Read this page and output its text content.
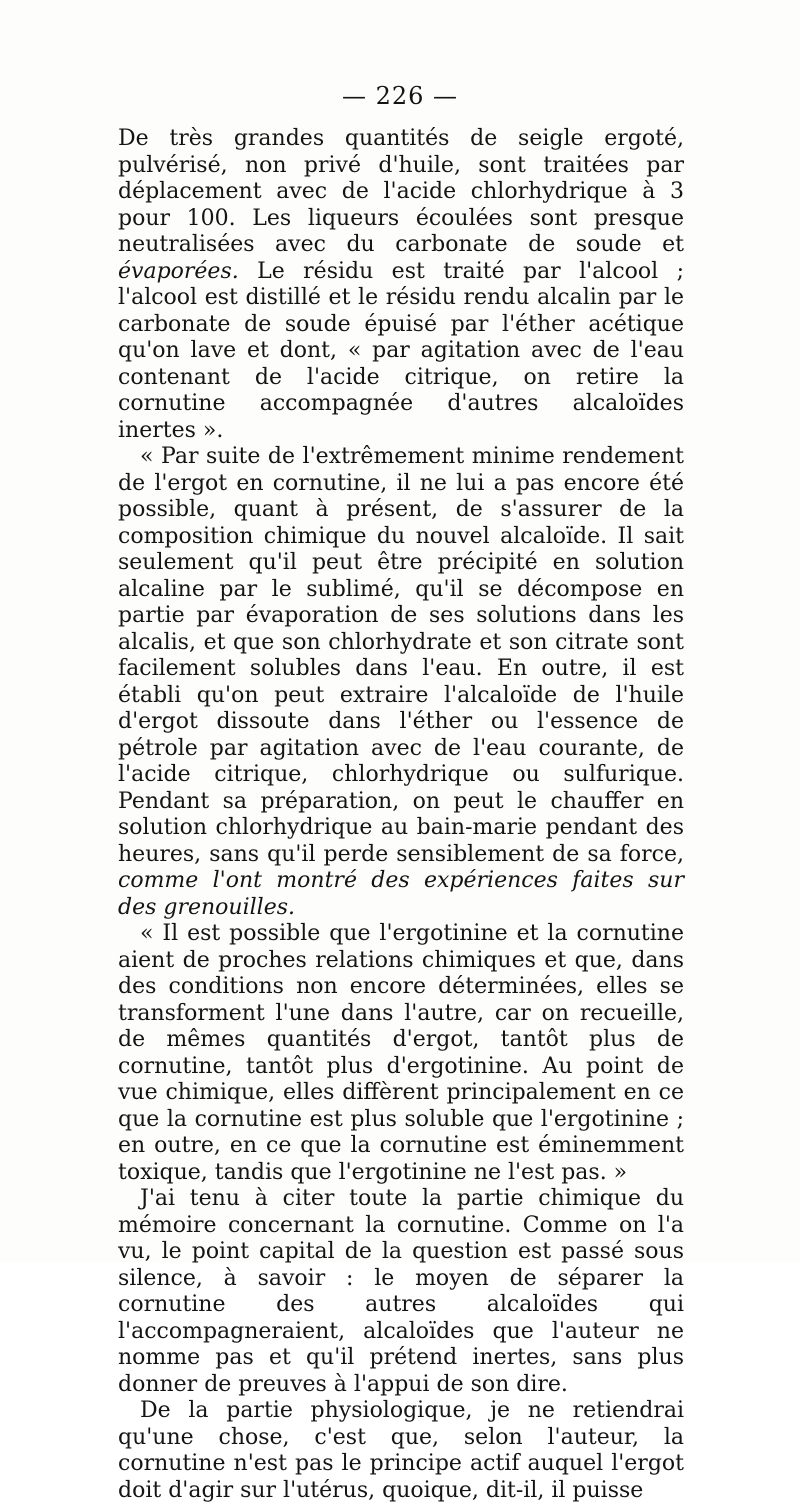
— 226 —

De très grandes quantités de seigle ergoté, pulvérisé, non privé d'huile, sont traitées par déplacement avec de l'acide chlorhydrique à 3 pour 100. Les liqueurs écoulées sont presque neutralisées avec du carbonate de soude et évaporées. Le résidu est traité par l'alcool ; l'alcool est distillé et le résidu rendu alcalin par le carbonate de soude épuisé par l'éther acétique qu'on lave et dont, « par agitation avec de l'eau contenant de l'acide citrique, on retire la cornutine accompagnée d'autres alcaloïdes inertes ».

« Par suite de l'extrêmement minime rendement de l'ergot en cornutine, il ne lui a pas encore été possible, quant à présent, de s'assurer de la composition chimique du nouvel alcaloïde. Il sait seulement qu'il peut être précipité en solution alcaline par le sublimé, qu'il se décompose en partie par évaporation de ses solutions dans les alcalis, et que son chlorhydrate et son citrate sont facilement solubles dans l'eau. En outre, il est établi qu'on peut extraire l'alcaloïde de l'huile d'ergot dissoute dans l'éther ou l'essence de pétrole par agitation avec de l'eau courante, de l'acide citrique, chlorhydrique ou sulfurique. Pendant sa préparation, on peut le chauffer en solution chlorhydrique au bain-marie pendant des heures, sans qu'il perde sensiblement de sa force, comme l'ont montré des expériences faites sur des grenouilles.

« Il est possible que l'ergotinine et la cornutine aient de proches relations chimiques et que, dans des conditions non encore déterminées, elles se transforment l'une dans l'autre, car on recueille, de mêmes quantités d'ergot, tantôt plus de cornutine, tantôt plus d'ergotinine. Au point de vue chimique, elles diffèrent principalement en ce que la cornutine est plus soluble que l'ergotinine ; en outre, en ce que la cornutine est éminemment toxique, tandis que l'ergotinine ne l'est pas. »

J'ai tenu à citer toute la partie chimique du mémoire concernant la cornutine. Comme on l'a vu, le point capital de la question est passé sous silence, à savoir : le moyen de séparer la cornutine des autres alcaloïdes qui l'accompagneraient, alcaloïdes que l'auteur ne nomme pas et qu'il prétend inertes, sans plus donner de preuves à l'appui de son dire.

De la partie physiologique, je ne retiendrai qu'une chose, c'est que, selon l'auteur, la cornutine n'est pas le principe actif auquel l'ergot doit d'agir sur l'utérus, quoique, dit-il, il puisse
